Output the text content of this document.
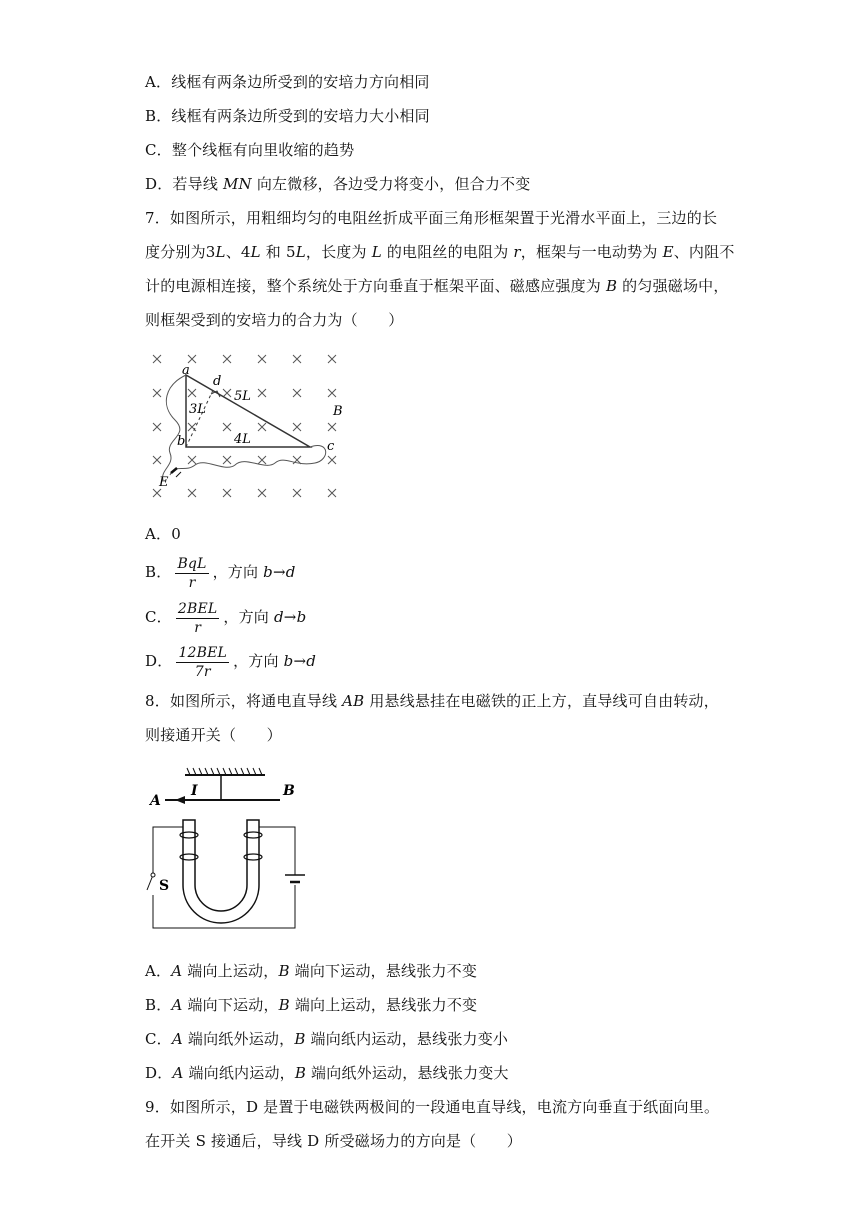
A．线框有两条边所受到的安培力方向相同
B．线框有两条边所受到的安培力大小相同
C．整个线框有向里收缩的趋势
D．若导线 MN 向左微移，各边受力将变小，但合力不变
7．如图所示，用粗细均匀的电阻丝折成平面三角形框架置于光滑水平面上，三边的长
度分别为3L、4L 和 5L，长度为 L 的电阻丝的电阻为 r，框架与一电动势为 E、内阻不
计的电源相连接，整个系统处于方向垂直于框架平面、磁感应强度为 B 的匀强磁场中，
则框架受到的安培力的合力为（　　）
a
d
5L
3L
b	4L	c
B
E
A．0
B． $\frac{\text{BqL}}{r}$ ，方向 b→d
C． $\frac{\text{2BEL}}{r}$ ，方向 d→b
D． $\frac{\text{12BEL}}{7r}$ ，方向 b→d
8．如图所示，将通电直导线 AB 用悬线悬挂在电磁铁的正上方，直导线可自由转动，
则接通开关（　　）
A
I	B
S
A．A 端向上运动，B 端向下运动，悬线张力不变
B．A 端向下运动，B 端向上运动，悬线张力不变
C．A 端向纸外运动，B 端向纸内运动，悬线张力变小
D．A 端向纸内运动，B 端向纸外运动，悬线张力变大
9．如图所示，D 是置于电磁铁两极间的一段通电直导线，电流方向垂直于纸面向里。
在开关 S 接通后，导线 D 所受磁场力的方向是（　　）
